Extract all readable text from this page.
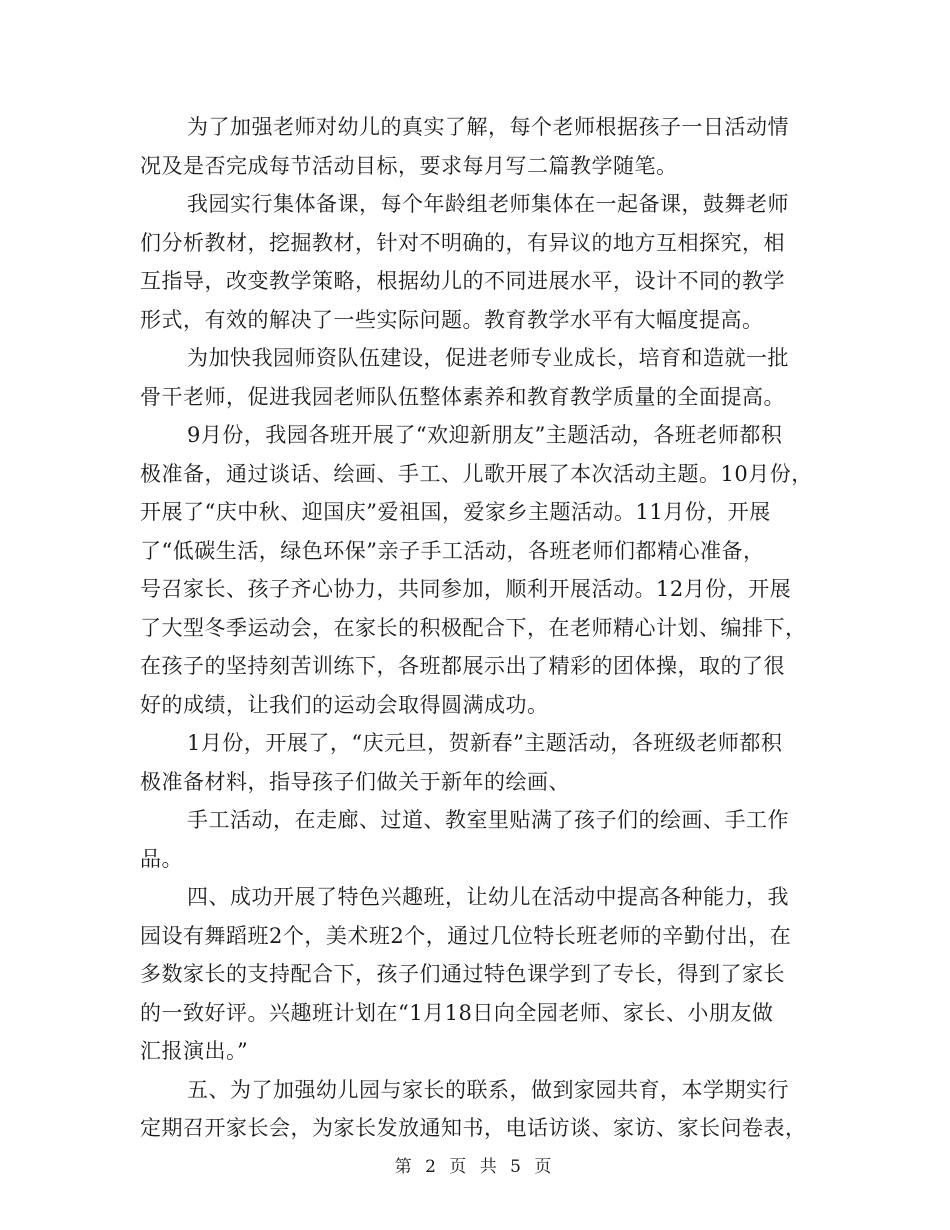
为了加强老师对幼儿的真实了解，每个老师根据孩子一日活动情
况及是否完成每节活动目标，要求每月写二篇教学随笔。
我园实行集体备课，每个年龄组老师集体在一起备课，鼓舞老师
们分析教材，挖掘教材，针对不明确的，有异议的地方互相探究，相
互指导，改变教学策略，根据幼儿的不同进展水平，设计不同的教学
形式，有效的解决了一些实际问题。教育教学水平有大幅度提高。
为加快我园师资队伍建设，促进老师专业成长，培育和造就一批
骨干老师，促进我园老师队伍整体素养和教育教学质量的全面提高。
9月份，我园各班开展了“欢迎新朋友”主题活动，各班老师都积
极准备，通过谈话、绘画、手工、儿歌开展了本次活动主题。10月份，
开展了“庆中秋、迎国庆”爱祖国，爱家乡主题活动。11月份，开展
了“低碳生活，绿色环保”亲子手工活动，各班老师们都精心准备，
号召家长、孩子齐心协力，共同参加，顺利开展活动。12月份，开展
了大型冬季运动会，在家长的积极配合下，在老师精心计划、编排下，
在孩子的坚持刻苦训练下，各班都展示出了精彩的团体操，取的了很
好的成绩，让我们的运动会取得圆满成功。
1月份，开展了，“庆元旦，贺新春”主题活动，各班级老师都积
极准备材料，指导孩子们做关于新年的绘画、
手工活动，在走廊、过道、教室里贴满了孩子们的绘画、手工作
品。
四、成功开展了特色兴趣班，让幼儿在活动中提高各种能力，我
园设有舞蹈班2个，美术班2个，通过几位特长班老师的辛勤付出，在
多数家长的支持配合下，孩子们通过特色课学到了专长，得到了家长
的一致好评。兴趣班计划在“1月18日向全园老师、家长、小朋友做
汇报演出。”
五、为了加强幼儿园与家长的联系，做到家园共育，本学期实行
定期召开家长会，为家长发放通知书，电话访谈、家访、家长问卷表，
第 2 页 共 5 页
